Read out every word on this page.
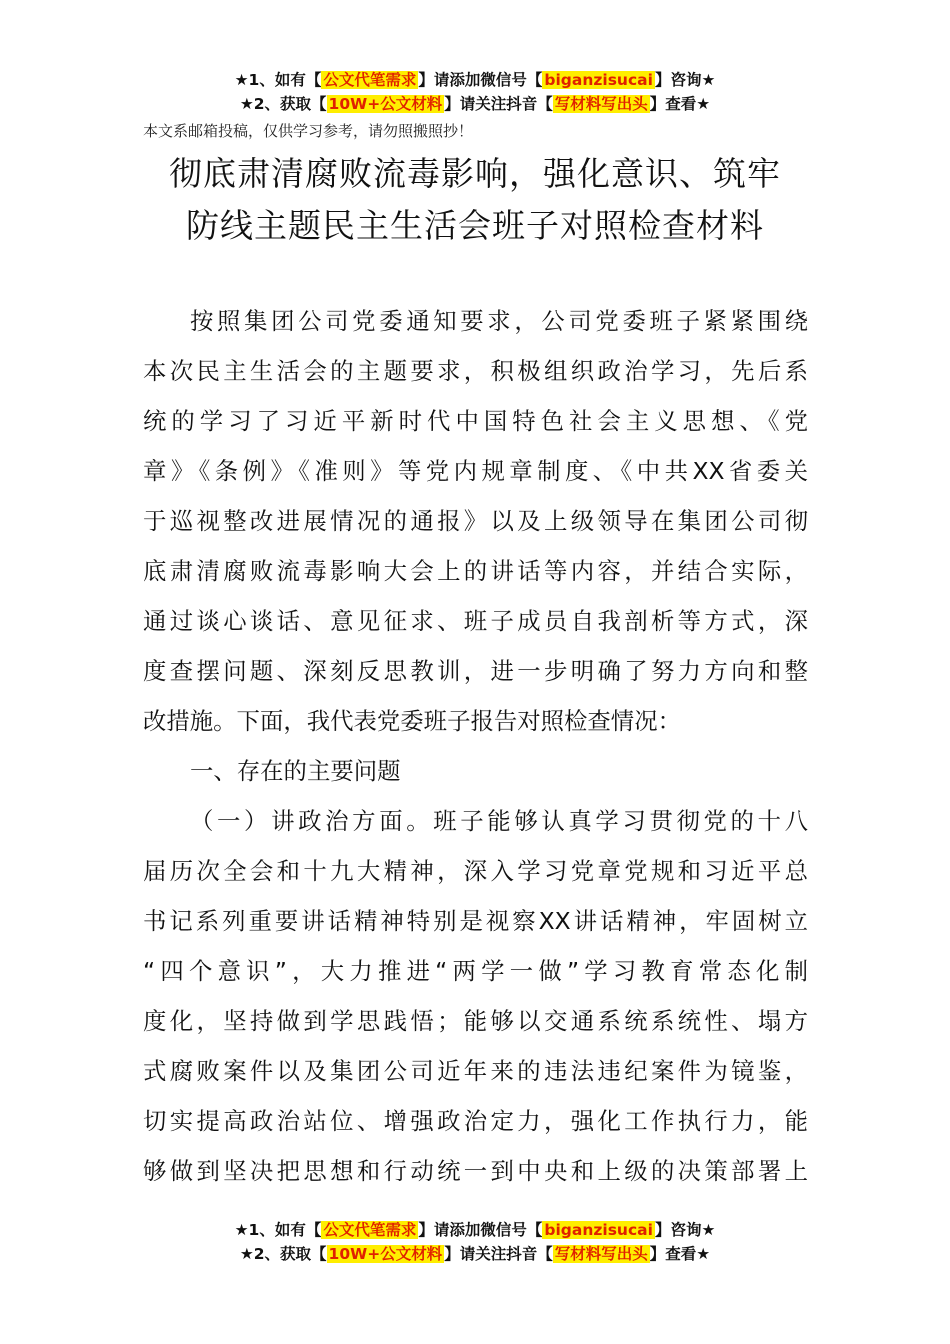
★1、如有【 公文代笔需求 】请添加微信号【 biganzisucai 】咨询★
★2、获取【 10W+公文材料 】请关注抖音【 写材料写出头 】查看★
本文系邮箱投稿，仅供学习参考，请勿照搬照抄！
彻底肃清腐败流毒影响，强化意识、筑牢
防线主题民主生活会班子对照检查材料
按照集团公司党委通知要求，公司党委班子紧紧围绕
本次民主生活会的主题要求，积极组织政治学习，先后系
统的学习了习近平新时代中国特色社会主义思想、《党
章》《条例》《准则》等党内规章制度、《中共XX省委关
于巡视整改进展情况的通报》以及上级领导在集团公司彻
底肃清腐败流毒影响大会上的讲话等内容，并结合实际，
通过谈心谈话、意见征求、班子成员自我剖析等方式，深
度查摆问题、深刻反思教训，进一步明确了努力方向和整
改措施。下面，我代表党委班子报告对照检查情况：
一、存在的主要问题
（一）讲政治方面。班子能够认真学习贯彻党的十八
届历次全会和十九大精神，深入学习党章党规和习近平总
书记系列重要讲话精神特别是视察XX讲话精神，牢固树立
“四个意识”，大力推进“两学一做”学习教育常态化制
度化，坚持做到学思践悟；能够以交通系统系统性、塌方
式腐败案件以及集团公司近年来的违法违纪案件为镜鉴，
切实提高政治站位、增强政治定力，强化工作执行力，能
够做到坚决把思想和行动统一到中央和上级的决策部署上
★1、如有【 公文代笔需求 】请添加微信号【 biganzisucai 】咨询★
★2、获取【 10W+公文材料 】请关注抖音【 写材料写出头 】查看★
